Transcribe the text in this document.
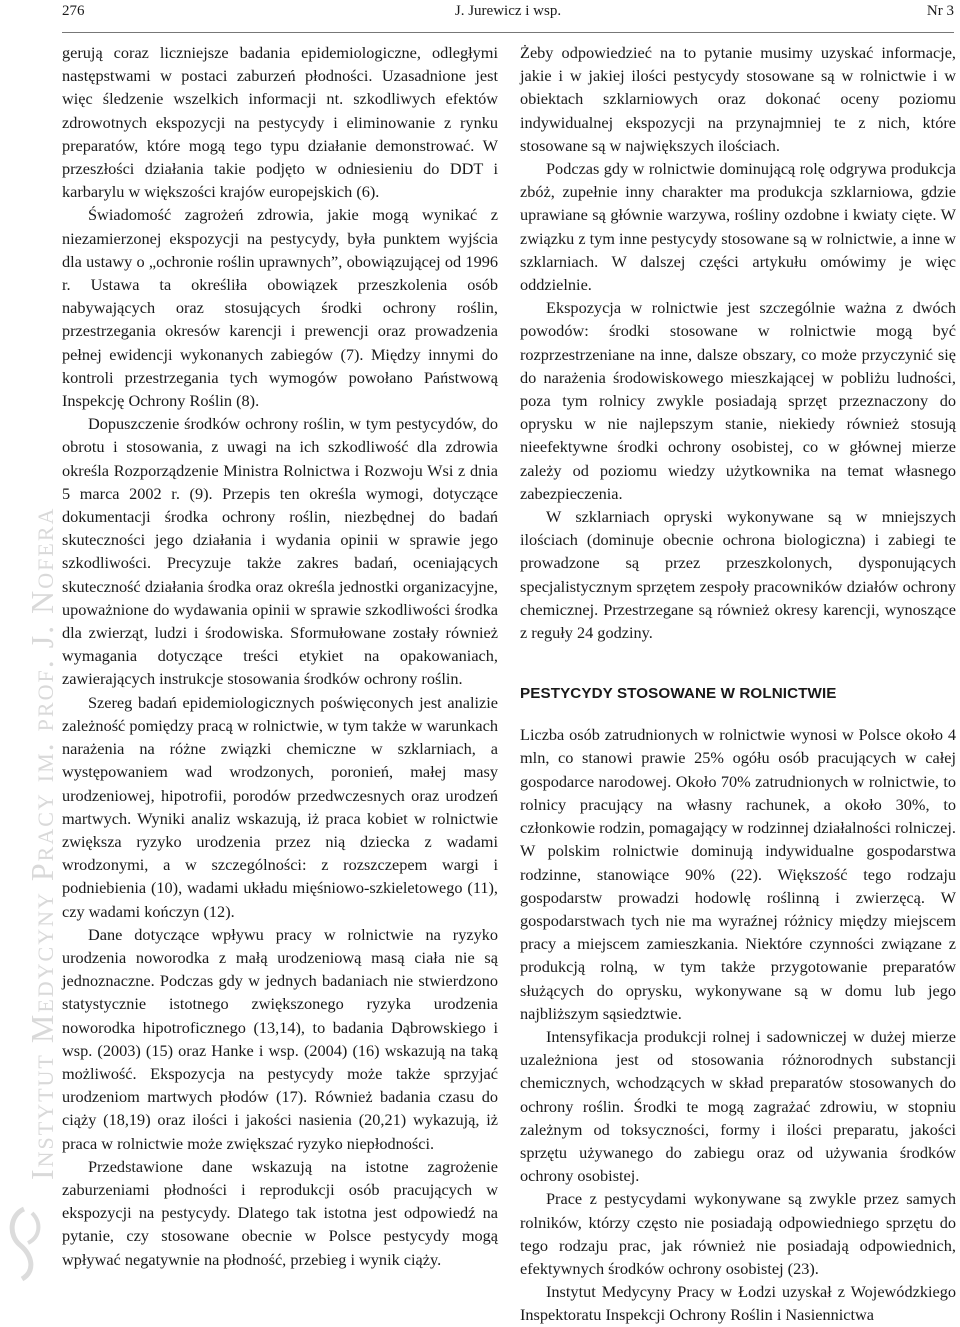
276	J. Jurewicz i wsp.	Nr 3
Instytut Medycyny Pracy im. prof. J. Nofera

gerują coraz liczniejsze badania epidemiologiczne, odległymi następstwami w postaci zaburzeń płodności. Uzasadnione jest więc śledzenie wszelkich informacji nt. szkodliwych efektów zdrowotnych ekspozycji na pestycydy i eliminowanie z rynku preparatów, które mogą tego typu działanie demonstrować. W przeszłości działania takie podjęto w odniesieniu do DDT i karbarylu w większości krajów europejskich (6).

Świadomość zagrożeń zdrowia, jakie mogą wynikać z niezamierzonej ekspozycji na pestycydy, była punktem wyjścia dla ustawy o „ochronie roślin uprawnych”, obowiązującej od 1996 r. Ustawa ta określiła obowiązek przeszkolenia osób nabywających oraz stosujących środki ochrony roślin, przestrzegania okresów karencji i prewencji oraz prowadzenia pełnej ewidencji wykonanych zabiegów (7). Między innymi do kontroli przestrzegania tych wymogów powołano Państwową Inspekcję Ochrony Roślin (8).

Dopuszczenie środków ochrony roślin, w tym pestycydów, do obrotu i stosowania, z uwagi na ich szkodliwość dla zdrowia określa Rozporządzenie Ministra Rolnictwa i Rozwoju Wsi z dnia 5 marca 2002 r. (9). Przepis ten określa wymogi, dotyczące dokumentacji środka ochrony roślin, niezbędnej do badań skuteczności jego działania i wydania opinii w sprawie jego szkodliwości. Precyzuje także zakres badań, oceniających skuteczność działania środka oraz określa jednostki organizacyjne, upoważnione do wydawania opinii w sprawie szkodliwości środka dla zwierząt, ludzi i środowiska. Sformułowane zostały również wymagania dotyczące treści etykiet na opakowaniach, zawierających instrukcje stosowania środków ochrony roślin.

Szereg badań epidemiologicznych poświęconych jest analizie zależność pomiędzy pracą w rolnictwie, w tym także w warunkach narażenia na różne związki chemiczne w szklarniach, a występowaniem wad wrodzonych, poronień, małej masy urodzeniowej, hipotrofii, porodów przedwczesnych oraz urodzeń martwych. Wyniki analiz wskazują, iż praca kobiet w rolnictwie zwiększa ryzyko urodzenia przez nią dziecka z wadami wrodzonymi, a w szczególności: z rozszczepem wargi i podniebienia (10), wadami układu mięśniowo-szkieletowego (11), czy wadami kończyn (12).

Dane dotyczące wpływu pracy w rolnictwie na ryzyko urodzenia noworodka z małą urodzeniową masą ciała nie są jednoznaczne. Podczas gdy w jednych badaniach nie stwierdzono statystycznie istotnego zwiększonego ryzyka urodzenia noworodka hipotroficznego (13,14), to badania Dąbrowskiego i wsp. (2003) (15) oraz Hanke i wsp. (2004) (16) wskazują na taką możliwość. Ekspozycja na pestycydy może także sprzyjać urodzeniom martwych płodów (17). Również badania czasu do ciąży (18,19) oraz ilości i jakości nasienia (20,21) wykazują, iż praca w rolnictwie może zwiększać ryzyko niepłodności.

Przedstawione dane wskazują na istotne zagrożenie zaburzeniami płodności i reprodukcji osób pracujących w ekspozycji na pestycydy. Dlatego tak istotna jest odpowiedź na pytanie, czy stosowane obecnie w Polsce pestycydy mogą wpływać negatywnie na płodność, przebieg i wynik ciąży.

Żeby odpowiedzieć na to pytanie musimy uzyskać informacje, jakie i w jakiej ilości pestycydy stosowane są w rolnictwie i w obiektach szklarniowych oraz dokonać oceny poziomu indywidualnej ekspozycji na przynajmniej te z nich, które stosowane są w największych ilościach.

Podczas gdy w rolnictwie dominującą rolę odgrywa produkcja zbóż, zupełnie inny charakter ma produkcja szklarniowa, gdzie uprawiane są głównie warzywa, rośliny ozdobne i kwiaty cięte. W związku z tym inne pestycydy stosowane są w rolnictwie, a inne w szklarniach. W dalszej części artykułu omówimy je więc oddzielnie.

Ekspozycja w rolnictwie jest szczególnie ważna z dwóch powodów: środki stosowane w rolnictwie mogą być rozprzestrzeniane na inne, dalsze obszary, co może przyczynić się do narażenia środowiskowego mieszkającej w pobliżu ludności, poza tym rolnicy zwykle posiadają sprzęt przeznaczony do oprysku w nie najlepszym stanie, niekiedy również stosują nieefektywne środki ochrony osobistej, co w głównej mierze zależy od poziomu wiedzy użytkownika na temat własnego zabezpieczenia.

W szklarniach opryski wykonywane są w mniejszych ilościach (dominuje obecnie ochrona biologiczna) i zabiegi te prowadzone są przez przeszkolonych, dysponujących specjalistycznym sprzętem zespoły pracowników działów ochrony chemicznej. Przestrzegane są również okresy karencji, wynoszące z reguły 24 godziny.

PESTYCYDY STOSOWANE W ROLNICTWIE

Liczba osób zatrudnionych w rolnictwie wynosi w Polsce około 4 mln, co stanowi prawie 25% ogółu osób pracujących w całej gospodarce narodowej. Około 70% zatrudnionych w rolnictwie, to rolnicy pracujący na własny rachunek, a około 30%, to członkowie rodzin, pomagający w rodzinnej działalności rolniczej. W polskim rolnictwie dominują indywidualne gospodarstwa rodzinne, stanowiące 90% (22). Większość tego rodzaju gospodarstw prowadzi hodowlę roślinną i zwierzęcą. W gospodarstwach tych nie ma wyraźnej różnicy między miejscem pracy a miejscem zamieszkania. Niektóre czynności związane z produkcją rolną, w tym także przygotowanie preparatów służących do oprysku, wykonywane są w domu lub jego najbliższym sąsiedztwie.

Intensyfikacja produkcji rolnej i sadowniczej w dużej mierze uzależniona jest od stosowania różnorodnych substancji chemicznych, wchodzących w skład preparatów stosowanych do ochrony roślin. Środki te mogą zagrażać zdrowiu, w stopniu zależnym od toksyczności, formy i ilości preparatu, jakości sprzętu używanego do zabiegu oraz od używania środków ochrony osobistej.

Prace z pestycydami wykonywane są zwykle przez samych rolników, którzy często nie posiadają odpowiedniego sprzętu do tego rodzaju prac, jak również nie posiadają odpowiednich, efektywnych środków ochrony osobistej (23).

Instytut Medycyny Pracy w Łodzi uzyskał z Wojewódzkiego Inspektoratu Inspekcji Ochrony Roślin i Nasiennictwa
